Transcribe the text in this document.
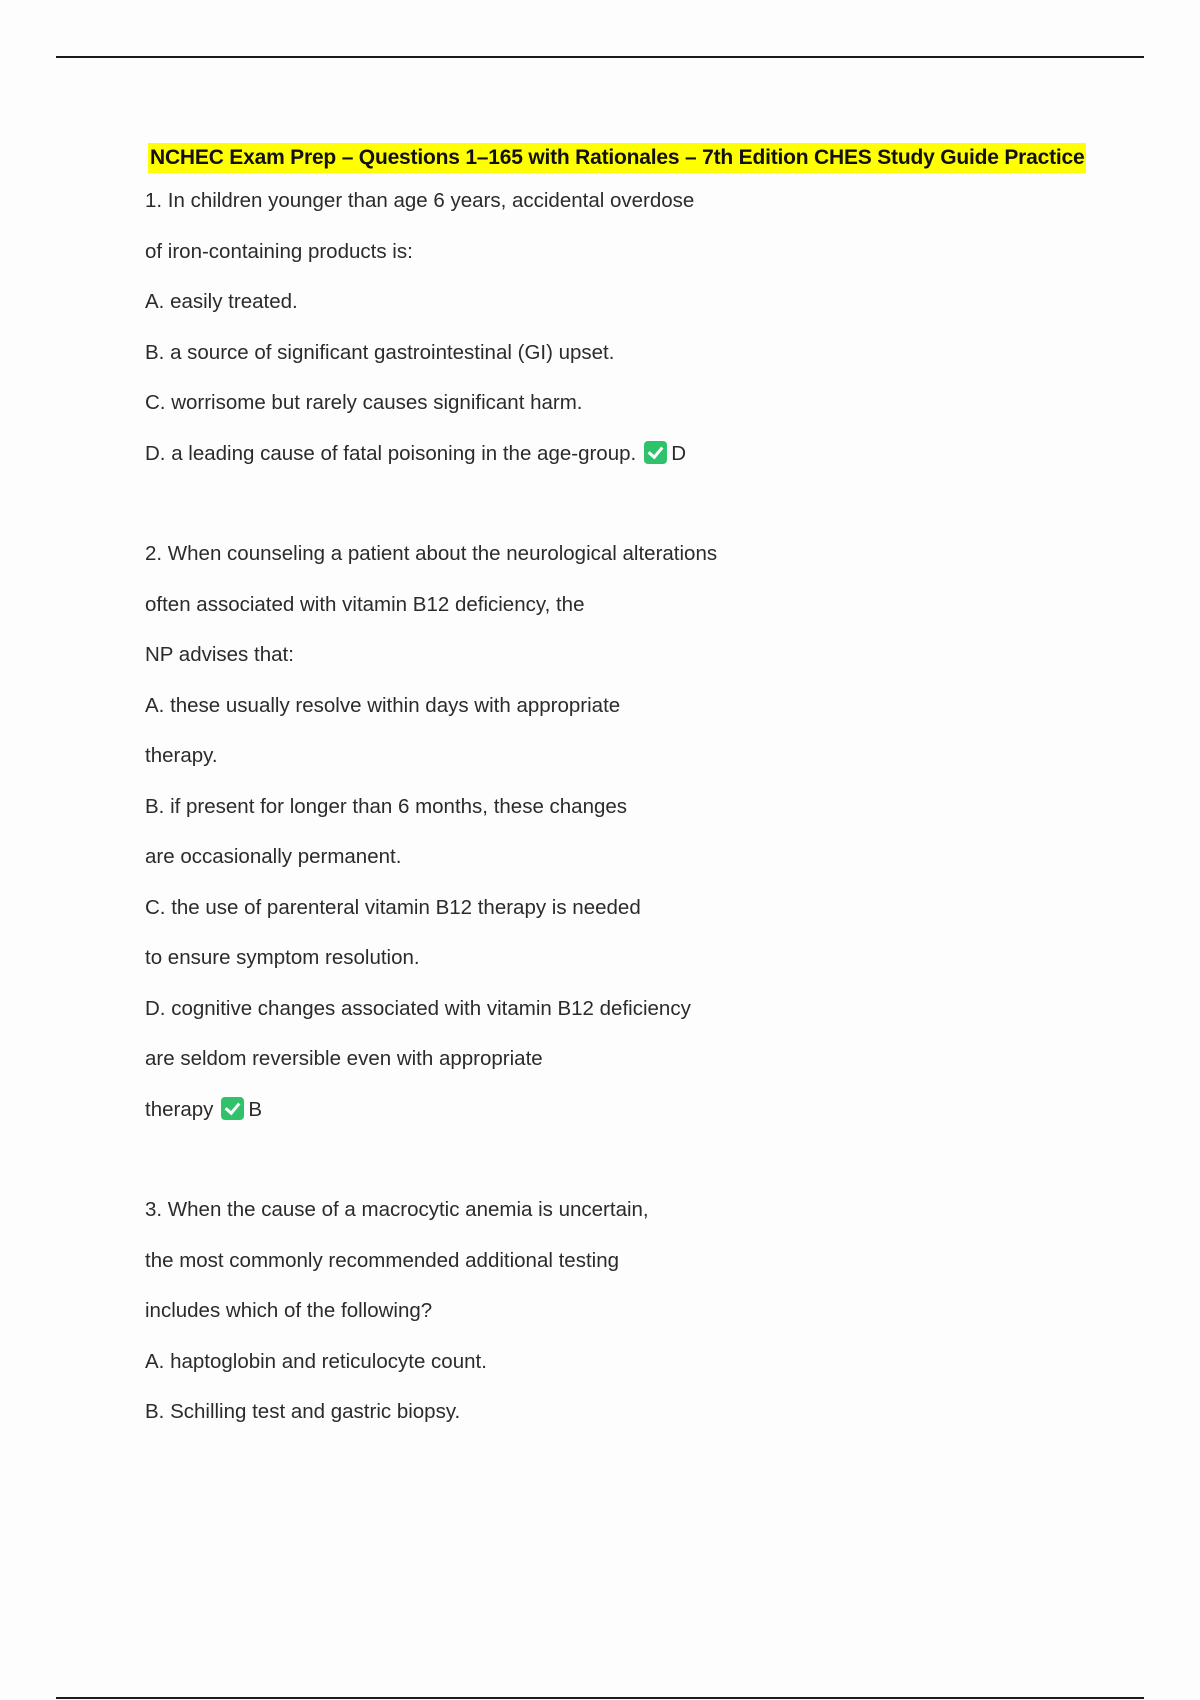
NCHEC Exam Prep – Questions 1–165 with Rationales – 7th Edition CHES Study Guide Practice
1. In children younger than age 6 years, accidental overdose
of iron-containing products is:
A. easily treated.
B. a source of significant gastrointestinal (GI) upset.
C. worrisome but rarely causes significant harm.
D. a leading cause of fatal poisoning in the age-group. D
2. When counseling a patient about the neurological alterations
often associated with vitamin B12 deficiency, the
NP advises that:
A. these usually resolve within days with appropriate
therapy.
B. if present for longer than 6 months, these changes
are occasionally permanent.
C. the use of parenteral vitamin B12 therapy is needed
to ensure symptom resolution.
D. cognitive changes associated with vitamin B12 deficiency
are seldom reversible even with appropriate
therapy B
3. When the cause of a macrocytic anemia is uncertain,
the most commonly recommended additional testing
includes which of the following?
A. haptoglobin and reticulocyte count.
B. Schilling test and gastric biopsy.
